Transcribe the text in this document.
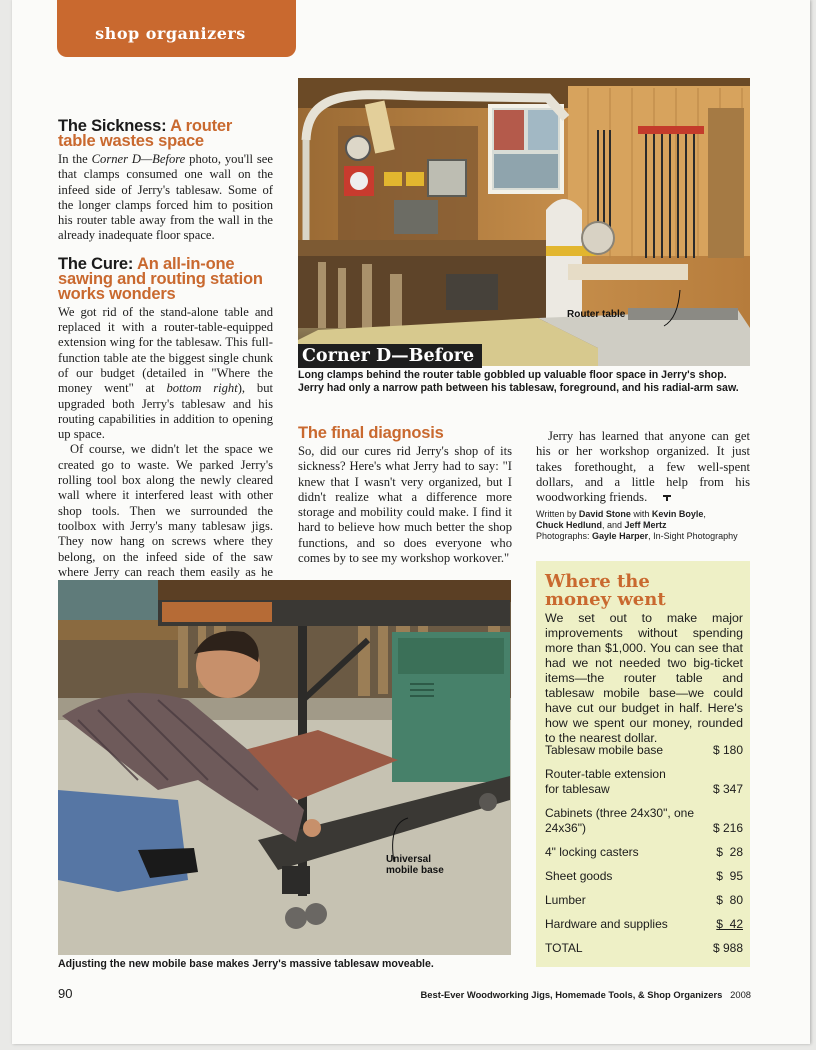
shop organizers
The Sickness: A router table wastes space

In the Corner D—Before photo, you'll see that clamps consumed one wall on the infeed side of Jerry's tablesaw. Some of the longer clamps forced him to position his router table away from the wall in the already inadequate floor space.

The Cure: An all-in-one sawing and routing station works wonders

We got rid of the stand-alone table and replaced it with a router-table-equipped extension wing for the tablesaw. This full-function table ate the biggest single chunk of our budget (detailed in "Where the money went" at bottom right), but upgraded both Jerry's tablesaw and his routing capabilities in addition to opening up space.

Of course, we didn't let the space we created go to waste. We parked Jerry's rolling tool box along the newly cleared wall where it interfered least with other shop tools. Then we surrounded the toolbox with Jerry's many tablesaw jigs. They now hang on screws where they belong, on the infeed side of the saw where Jerry can reach them easily as he

Router table
Corner D—Before
Long clamps behind the router table gobbled up valuable floor space in Jerry's shop. Jerry had only a narrow path between his tablesaw, foreground, and his radial-arm saw.
The final diagnosis

So, did our cures rid Jerry's shop of its sickness? Here's what Jerry had to say: "I knew that I wasn't very organized, but I didn't realize what a difference more storage and mobility could make. I find it hard to believe how much better the shop functions, and so does everyone who comes by to see my workshop workover."

Jerry has learned that anyone can get his or her workshop organized. It just takes forethought, a few well-spent dollars, and a little help from his woodworking friends.

Written by David Stone with Kevin Boyle,
Chuck Hedlund, and Jeff Mertz
Photographs: Gayle Harper, In-Sight Photography
Universal
mobile base
Adjusting the new mobile base makes Jerry's massive tablesaw moveable.
Where the
money went
We set out to make major improvements without spending more than $1,000. You can see that had we not needed two big-ticket items—the router table and tablesaw mobile base—we could have cut our budget in half. Here's how we spent our money, rounded to the nearest dollar.
Tablesaw mobile base	$ 180
Router-table extension for tablesaw	$ 347
Cabinets (three 24x30", one 24x36")	$ 216
4" locking casters	$  28
Sheet goods	$  95
Lumber	$  80
Hardware and supplies	$  42
TOTAL	$ 988
90	Best-Ever Woodworking Jigs, Homemade Tools, & Shop Organizers 2008
